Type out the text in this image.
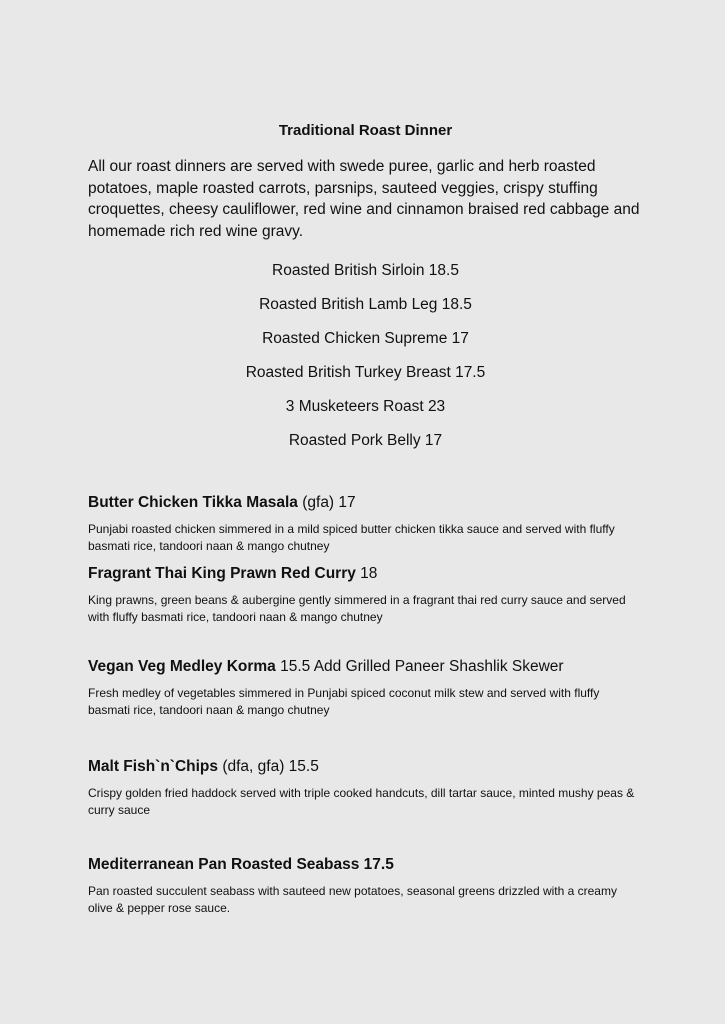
Traditional Roast Dinner

All our roast dinners are served with swede puree, garlic and herb roasted potatoes, maple roasted carrots, parsnips, sauteed veggies, crispy stuffing croquettes, cheesy cauliflower, red wine and cinnamon braised red cabbage and homemade rich red wine gravy.

Roasted British Sirloin 18.5
Roasted British Lamb Leg 18.5
Roasted Chicken Supreme 17
Roasted British Turkey Breast 17.5
3 Musketeers Roast 23
Roasted Pork Belly 17

Butter Chicken Tikka Masala (gfa) 17

Punjabi roasted chicken simmered in a mild spiced butter chicken tikka sauce and served with fluffy basmati rice, tandoori naan & mango chutney

Fragrant Thai King Prawn Red Curry 18

King prawns, green beans & aubergine gently simmered in a fragrant thai red curry sauce and served with fluffy basmati rice, tandoori naan & mango chutney

Vegan Veg Medley Korma 15.5 Add Grilled Paneer Shashlik Skewer

Fresh medley of vegetables simmered in Punjabi spiced coconut milk stew and served with fluffy basmati rice, tandoori naan & mango chutney

Malt Fish`n`Chips (dfa, gfa) 15.5

Crispy golden fried haddock served with triple cooked handcuts, dill tartar sauce, minted mushy peas & curry sauce

Mediterranean Pan Roasted Seabass 17.5

Pan roasted succulent seabass with sauteed new potatoes, seasonal greens drizzled with a creamy olive & pepper rose sauce.
